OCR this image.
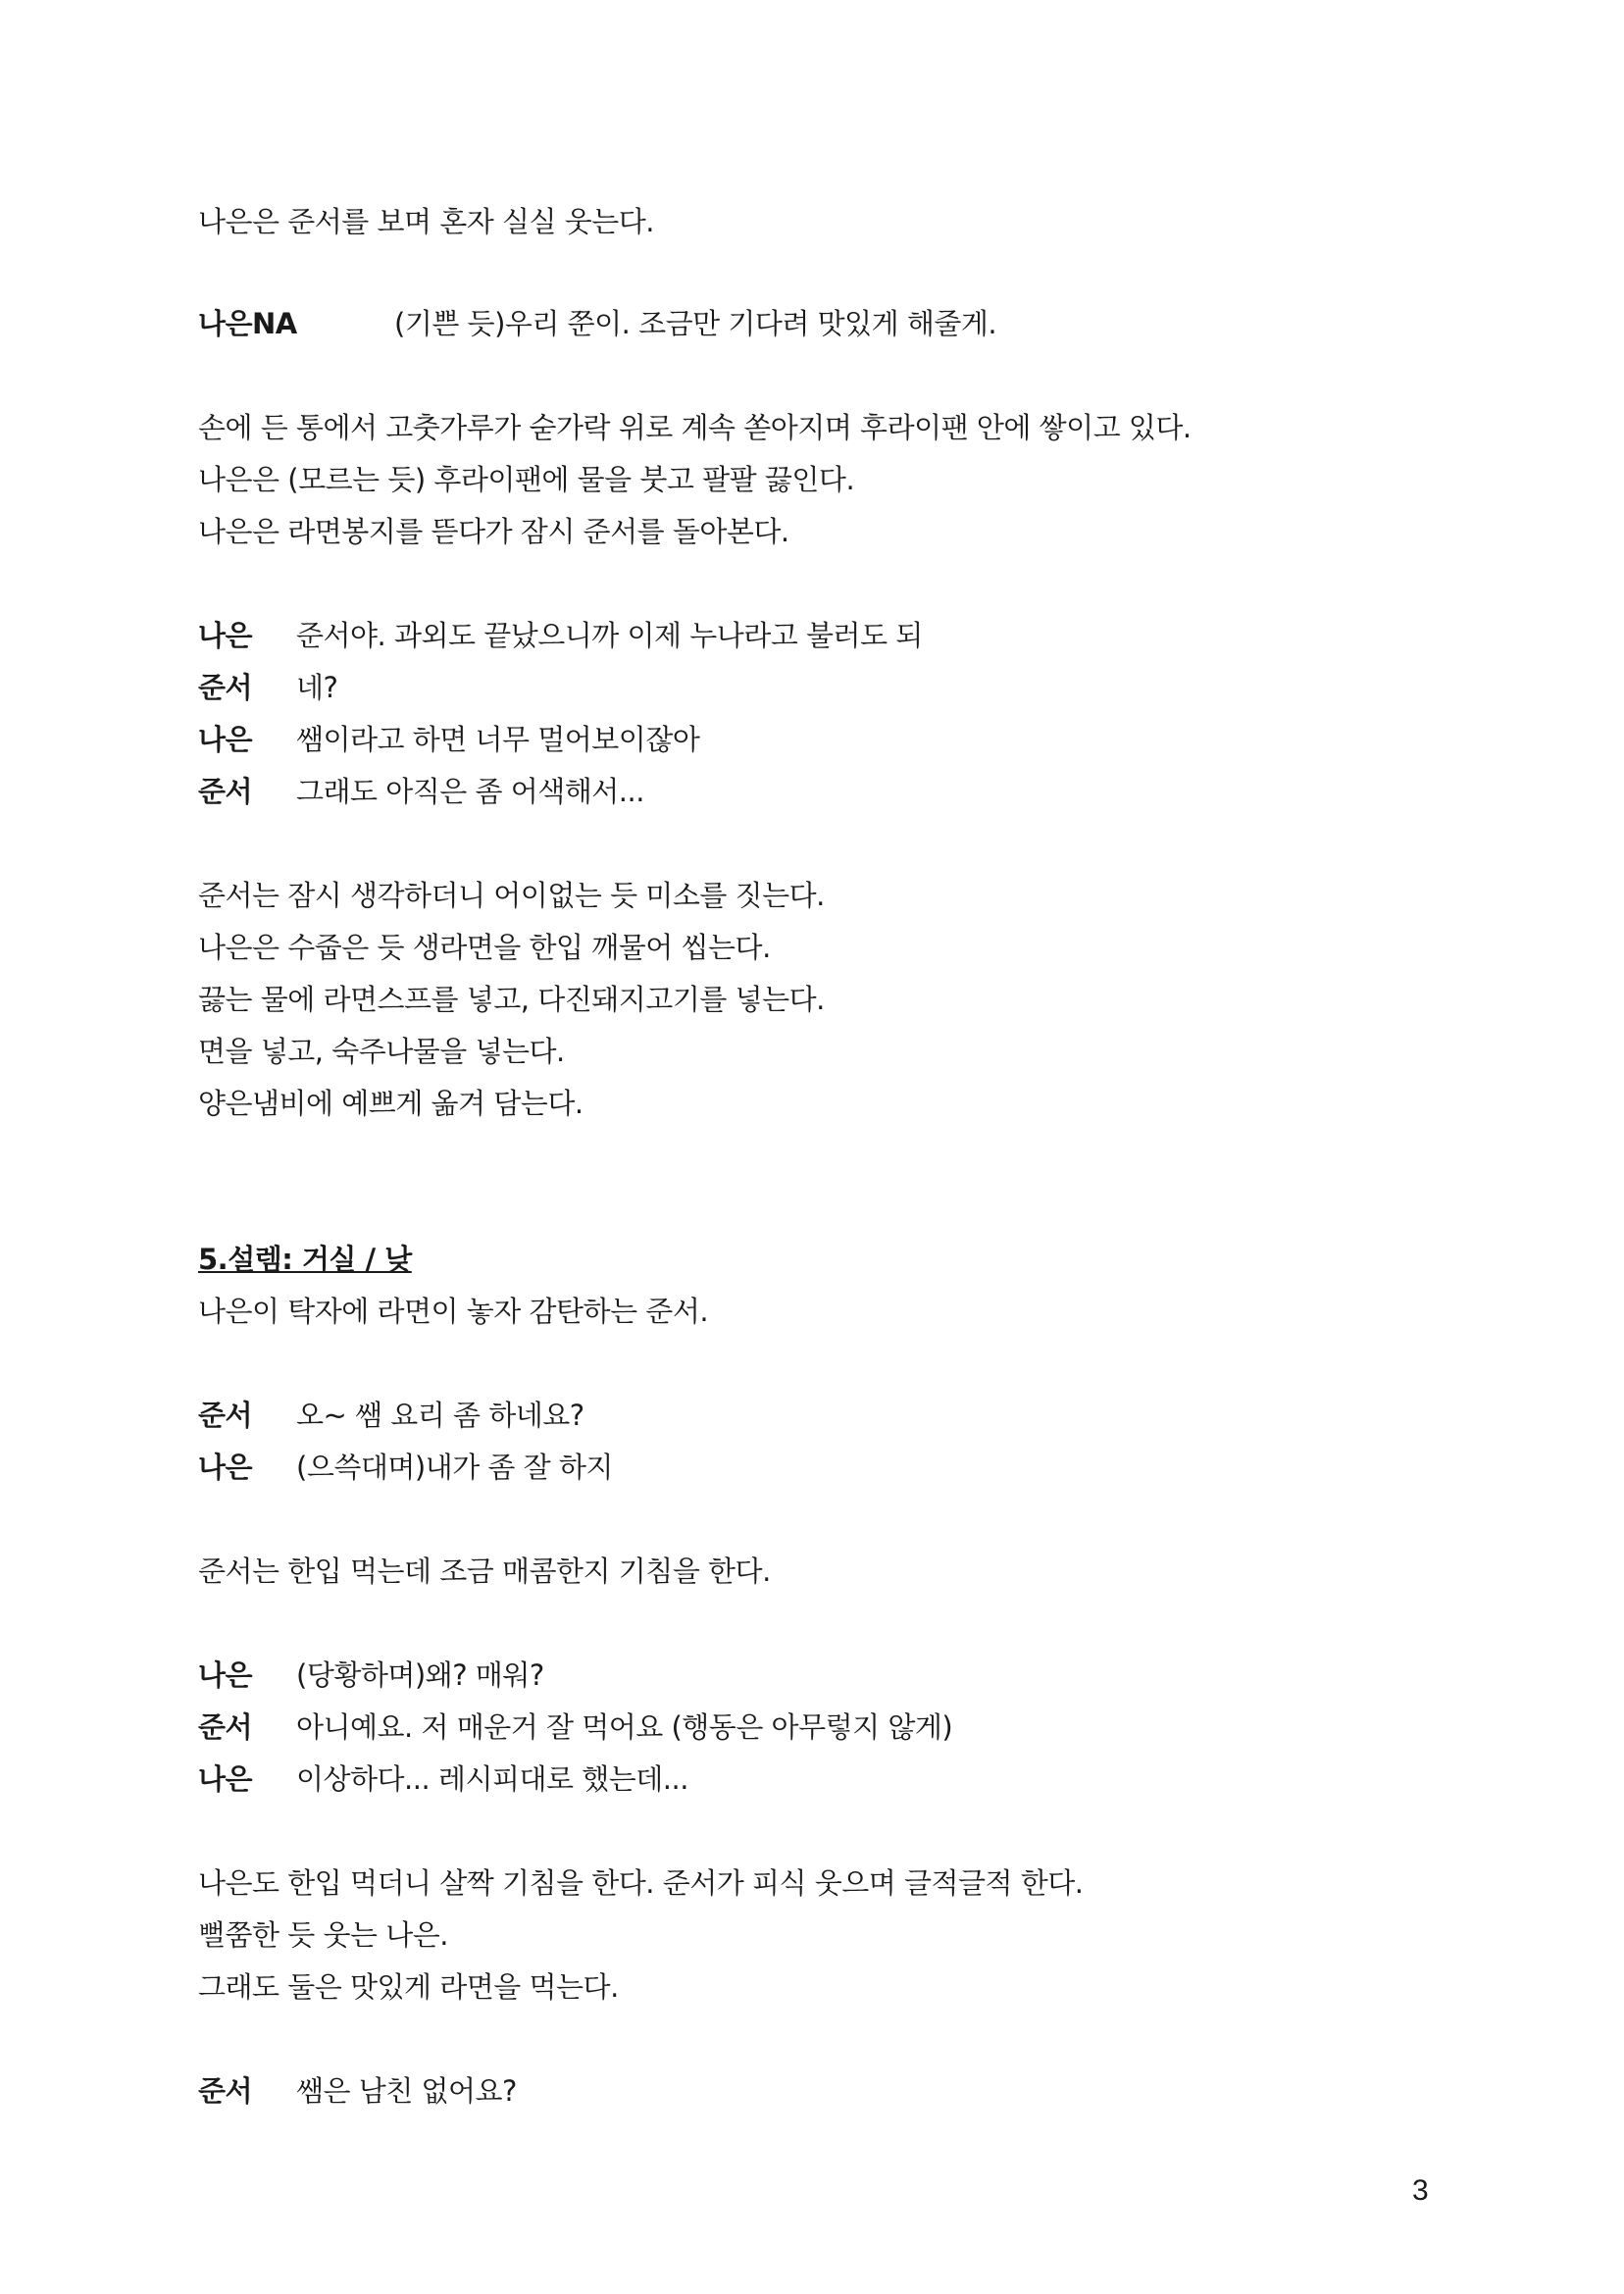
나은은 준서를 보며 혼자 실실 웃는다.
나은NA	(기쁜 듯)우리 쭌이. 조금만 기다려 맛있게 해줄게.
손에 든 통에서 고춧가루가 숟가락 위로 계속 쏟아지며 후라이팬 안에 쌓이고 있다.
나은은 (모르는 듯) 후라이팬에 물을 붓고 팔팔 끓인다.
나은은 라면봉지를 뜯다가 잠시 준서를 돌아본다.
나은 준서야. 과외도 끝났으니까 이제 누나라고 불러도 되
준서 네?
나은 쌤이라고 하면 너무 멀어보이잖아
준서 그래도 아직은 좀 어색해서...
준서는 잠시 생각하더니 어이없는 듯 미소를 짓는다.
나은은 수줍은 듯 생라면을 한입 깨물어 씹는다.
끓는 물에 라면스프를 넣고, 다진돼지고기를 넣는다.
면을 넣고, 숙주나물을 넣는다.
양은냄비에 예쁘게 옮겨 담는다.
5.설렘: 거실 / 낮
나은이 탁자에 라면이 놓자 감탄하는 준서.
준서 오~ 쌤 요리 좀 하네요?
나은 (으쓱대며)내가 좀 잘 하지
준서는 한입 먹는데 조금 매콤한지 기침을 한다.
나은 (당황하며)왜? 매워?
준서 아니예요. 저 매운거 잘 먹어요 (행동은 아무렇지 않게)
나은 이상하다... 레시피대로 했는데...
나은도 한입 먹더니 살짝 기침을 한다. 준서가 피식 웃으며 글적글적 한다.
뻘쭘한 듯 웃는 나은.
그래도 둘은 맛있게 라면을 먹는다.
준서 쌤은 남친 없어요?
3
